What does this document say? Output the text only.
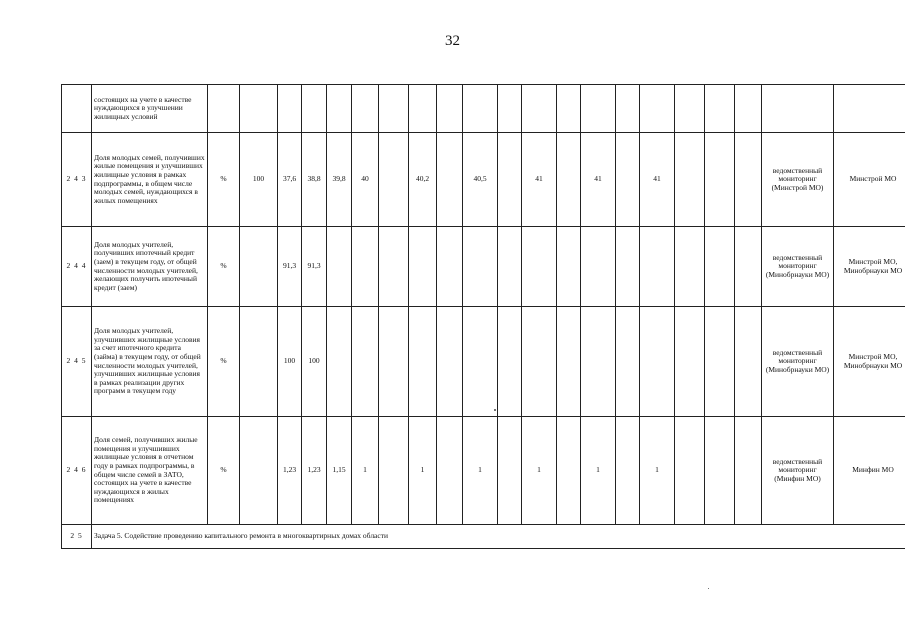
32
	состоящих на учете в качестве нуждающихся в улучшении жилищных условий																					
2 4 3	Доля молодых семей, получивших жилые помещения и улучшивших жилищные условия в рамках подпрограммы, в общем числе молодых семей, нуждающихся в жилых помещениях	%	100	37,6	38,8	39,8	40		40,2		40,5		41		41		41				ведомственный мониторинг (Минстрой МО)	Минстрой МО
2 4 4	Доля молодых учителей, получивших ипотечный кредит (заем) в текущем году, от общей численности молодых учителей, желающих получить ипотечный кредит (заем)	%		91,3	91,3																ведомственный мониторинг (Минобрнауки МО)	Минстрой МО, Минобрнауки МО
2 4 5	Доля молодых учителей, улучшивших жилищные условия за счет ипотечного кредита (займа) в текущем году, от общей численности молодых учителей, улучшивших жилищные условия в рамках реализации других программ в текущем году	%		100	100																ведомственный мониторинг (Минобрнауки МО)	Минстрой МО, Минобрнауки МО
2 4 6	Доля семей, получивших жилые помещения и улучшивших жилищные условия в отчетном году в рамках подпрограммы, в общем числе семей в ЗАТО, состоящих на учете в качестве нуждающихся в жилых помещениях	%		1,23	1,23	1,15	1		1		1		1		1		1				ведомственный мониторинг (Минфин МО)	Минфин МО
2 5	Задача 5. Содействие проведению капитального ремонта в многоквартирных домах области																					
